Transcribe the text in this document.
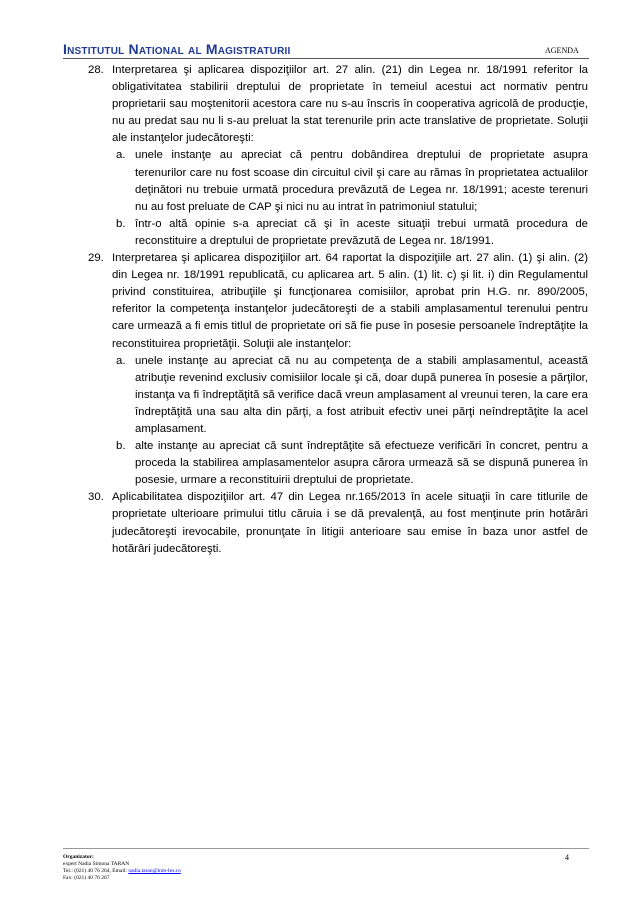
Institutul National al Magistraturii	AGENDA
28. Interpretarea şi aplicarea dispoziţiilor art. 27 alin. (21) din Legea nr. 18/1991 referitor la obligativitatea stabilirii dreptului de proprietate în temeiul acestui act normativ pentru proprietarii sau moştenitorii acestora care nu s-au înscris în cooperativa agricolă de producţie, nu au predat sau nu li s-au preluat la stat terenurile prin acte translative de proprietate. Soluţii ale instanţelor judecătoreşti:
a. unele instanţe au apreciat că pentru dobândirea dreptului de proprietate asupra terenurilor care nu fost scoase din circuitul civil şi care au rămas în proprietatea actualilor deţinători nu trebuie urmată procedura prevăzută de Legea nr. 18/1991; aceste terenuri nu au fost preluate de CAP şi nici nu au intrat în patrimoniul statului;
b. într-o altă opinie s-a apreciat că şi în aceste situaţii trebui urmată procedura de reconstituire a dreptului de proprietate prevăzută de Legea nr. 18/1991.
29. Interpretarea şi aplicarea dispoziţiilor art. 64 raportat la dispoziţiile art. 27 alin. (1) şi alin. (2) din Legea nr. 18/1991 republicată, cu aplicarea art. 5 alin. (1) lit. c) şi lit. i) din Regulamentul privind constituirea, atribuţiile şi funcţionarea comisiilor, aprobat prin H.G. nr. 890/2005, referitor la competenţa instanţelor judecătoreşti de a stabili amplasamentul terenului pentru care urmează a fi emis titlul de proprietate ori să fie puse în posesie persoanele îndreptăţite la reconstituirea proprietăţii. Soluţii ale instanţelor:
a. unele instanţe au apreciat că nu au competenţa de a stabili amplasamentul, această atribuţie revenind exclusiv comisiilor locale şi că, doar după punerea în posesie a părţilor, instanţa va fi îndreptăţită să verifice dacă vreun amplasament al vreunui teren, la care era îndreptăţită una sau alta din părţi, a fost atribuit efectiv unei părţi neîndreptăţite la acel amplasament.
b. alte instanţe au apreciat că sunt îndreptăţite să efectueze verificări în concret, pentru a proceda la stabilirea amplasamentelor asupra cărora urmează să se dispună punerea în posesie, urmare a reconstituirii dreptului de proprietate.
30. Aplicabilitatea dispoziţiilor art. 47 din Legea nr.165/2013 în acele situaţii în care titlurile de proprietate ulterioare primului titlu căruia i se dă prevalenţă, au fost menţinute prin hotărâri judecătoreşti irevocabile, pronunţate în litigii anterioare sau emise în baza unor astfel de hotărâri judecătoreşti.
Organizator:
expert Nadia Simona TARAN
Tel.: (021) 40 76 264, Email: nadia.taran@inm-lex.ro
Fax: (021) 40 76 267
4
